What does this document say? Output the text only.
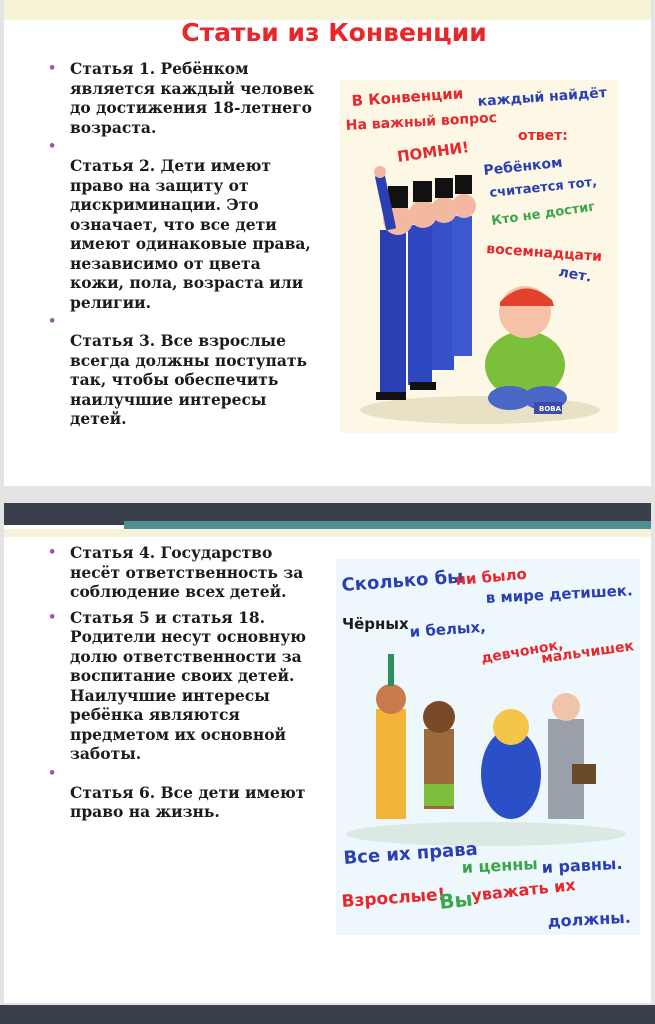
Статьи из Конвенции
• Статья 1. Ребёнком является каждый человек до достижения 18-летнего возраста.
•
Статья 2. Дети имеют право на защиту от дискриминации. Это означает, что все дети имеют одинаковые права, независимо от цвета кожи, пола, возраста или религии.
•
Статья 3. Все взрослые всегда должны поступать так, чтобы обеспечить наилучшие интересы детей.	ВОВА
В Конвенции каждый найдёт
На важный вопрос
ответ:
ПОМНИ!
Ребёнком
считается тот,
Кто не достиг
восемнадцати
лет.
• Статья 4. Государство несёт ответственность за соблюдение всех детей.
• Статья 5 и статья 18. Родители несут основную долю ответственности за воспитание своих детей. Наилучшие интересы ребёнка являются предметом их основной заботы.
•
Статья 6. Все дети имеют право на жизнь.
Сколько бы
ни было
в мире детишек.
Чёрных и белых,
девчонок,
мальчишек
Все их права
и ценны и равны.
Взрослые!
Вы
уважать их
должны.
